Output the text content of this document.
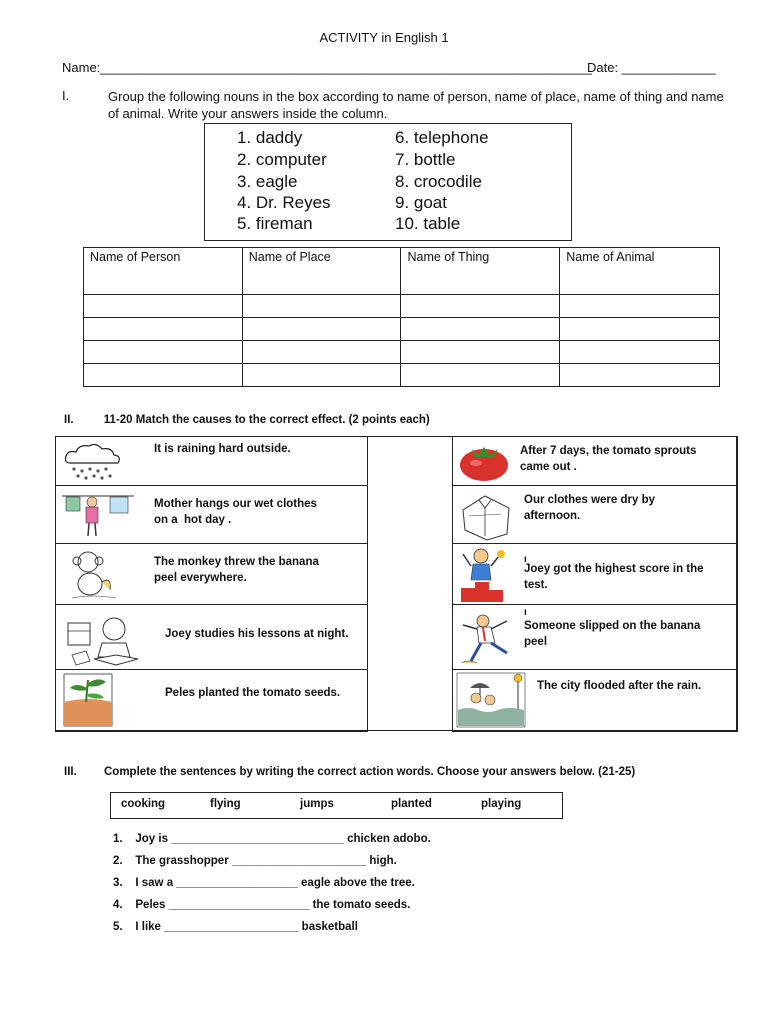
ACTIVITY in English 1
Name:____________________________________________________________________
Date: _____________
I.	Group the following nouns in the box according to name of person, name of place, name of thing and name of animal. Write your answers inside the column.
1. daddy
2. computer
3. eagle
4. Dr. Reyes
5. fireman
6. telephone
7. bottle
8. crocodile
9. goat
10. table
Name of Person	Name of Place	Name of Thing	Name of Animal

II.	11-20 Match the causes to the correct effect. (2 points each)
It is raining hard outside.
Mother hangs our wet clothes
on a  hot day .
The monkey threw the banana
peel everywhere.
Joey studies his lessons at night.
Peles planted the tomato seeds.
After 7 days, the tomato sprouts
came out .
Our clothes were dry by
afternoon.
ı
Joey got the highest score in the
test.
ı
Someone slipped on the banana
peel
The city flooded after the rain.
III. Complete the sentences by writing the correct action words. Choose your answers below. (21-25)
cooking	flying	jumps	planted	playing
1. Joy is ___________________________ chicken adobo.
2. The grasshopper _____________________ high.
3. I saw a ___________________ eagle above the tree.
4. Peles ______________________ the tomato seeds.
5. I like _____________________ basketball
